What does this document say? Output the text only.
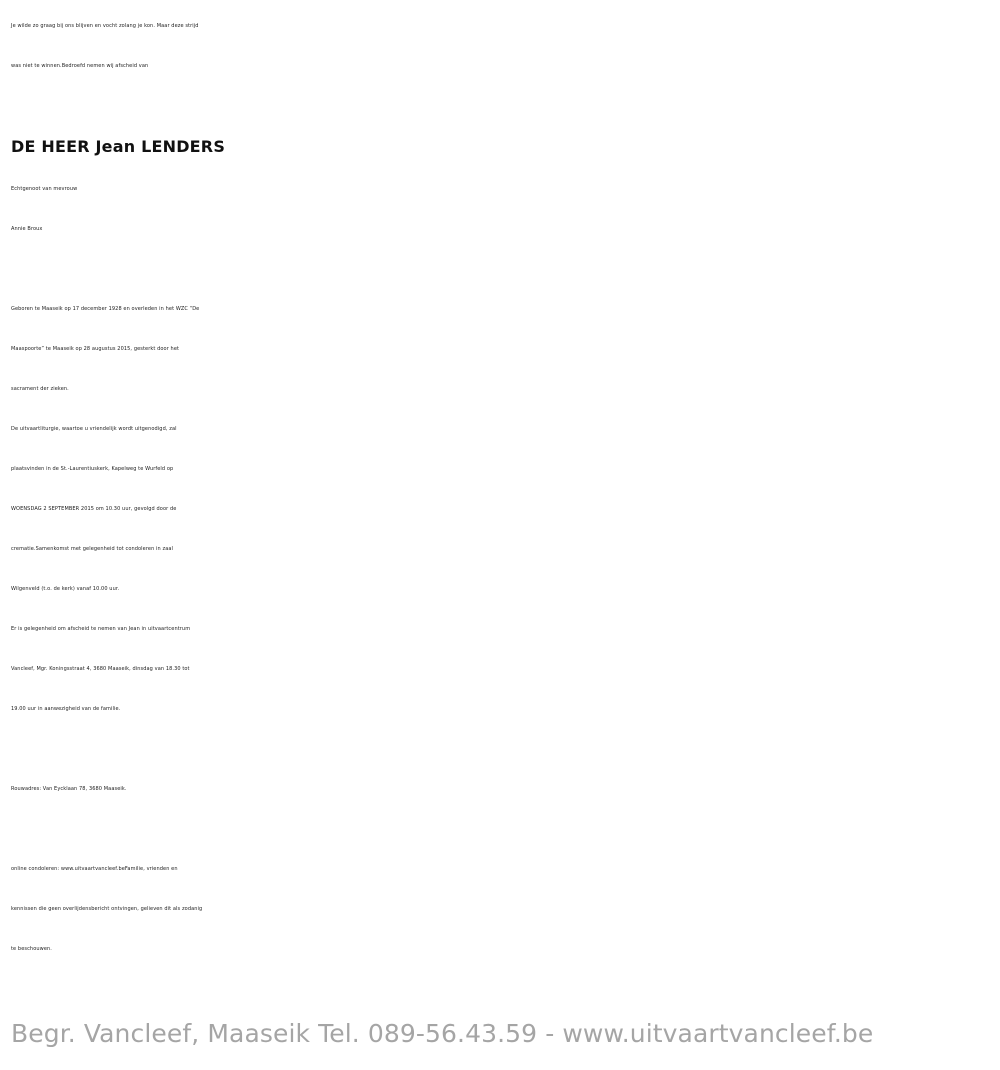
Je wilde zo graag bij ons blijven en vocht zolang je kon. Maar deze strijd
was niet te winnen.Bedroefd nemen wij afscheid van
DE HEER Jean LENDERS
Echtgenoot van mevrouw
Annie Broux
Geboren te Maaseik op 17 december 1928 en overleden in het WZC “De
Maaspoorte” te Maaseik op 28 augustus 2015, gesterkt door het
sacrament der zieken.
De uitvaartliturgie, waartoe u vriendelijk wordt uitgenodigd, zal
plaatsvinden in de St.-Laurentiuskerk, Kapelweg te Wurfeld op
WOENSDAG 2 SEPTEMBER 2015 om 10.30 uur, gevolgd door de
crematie.Samenkomst met gelegenheid tot condoleren in zaal
Wilgenveld (t.o. de kerk) vanaf 10.00 uur.
Er is gelegenheid om afscheid te nemen van Jean in uitvaartcentrum
Vancleef, Mgr. Koningsstraat 4, 3680 Maaseik, dinsdag van 18.30 tot
19.00 uur in aanwezigheid van de familie.
Rouwadres: Van Eycklaan 78, 3680 Maaseik.
online condoleren: www.uitvaartvancleef.beFamilie, vrienden en
kennissen die geen overlijdensbericht ontvingen, gelieven dit als zodanig
te beschouwen.
Begr. Vancleef, Maaseik Tel. 089-56.43.59 - www.uitvaartvancleef.be
